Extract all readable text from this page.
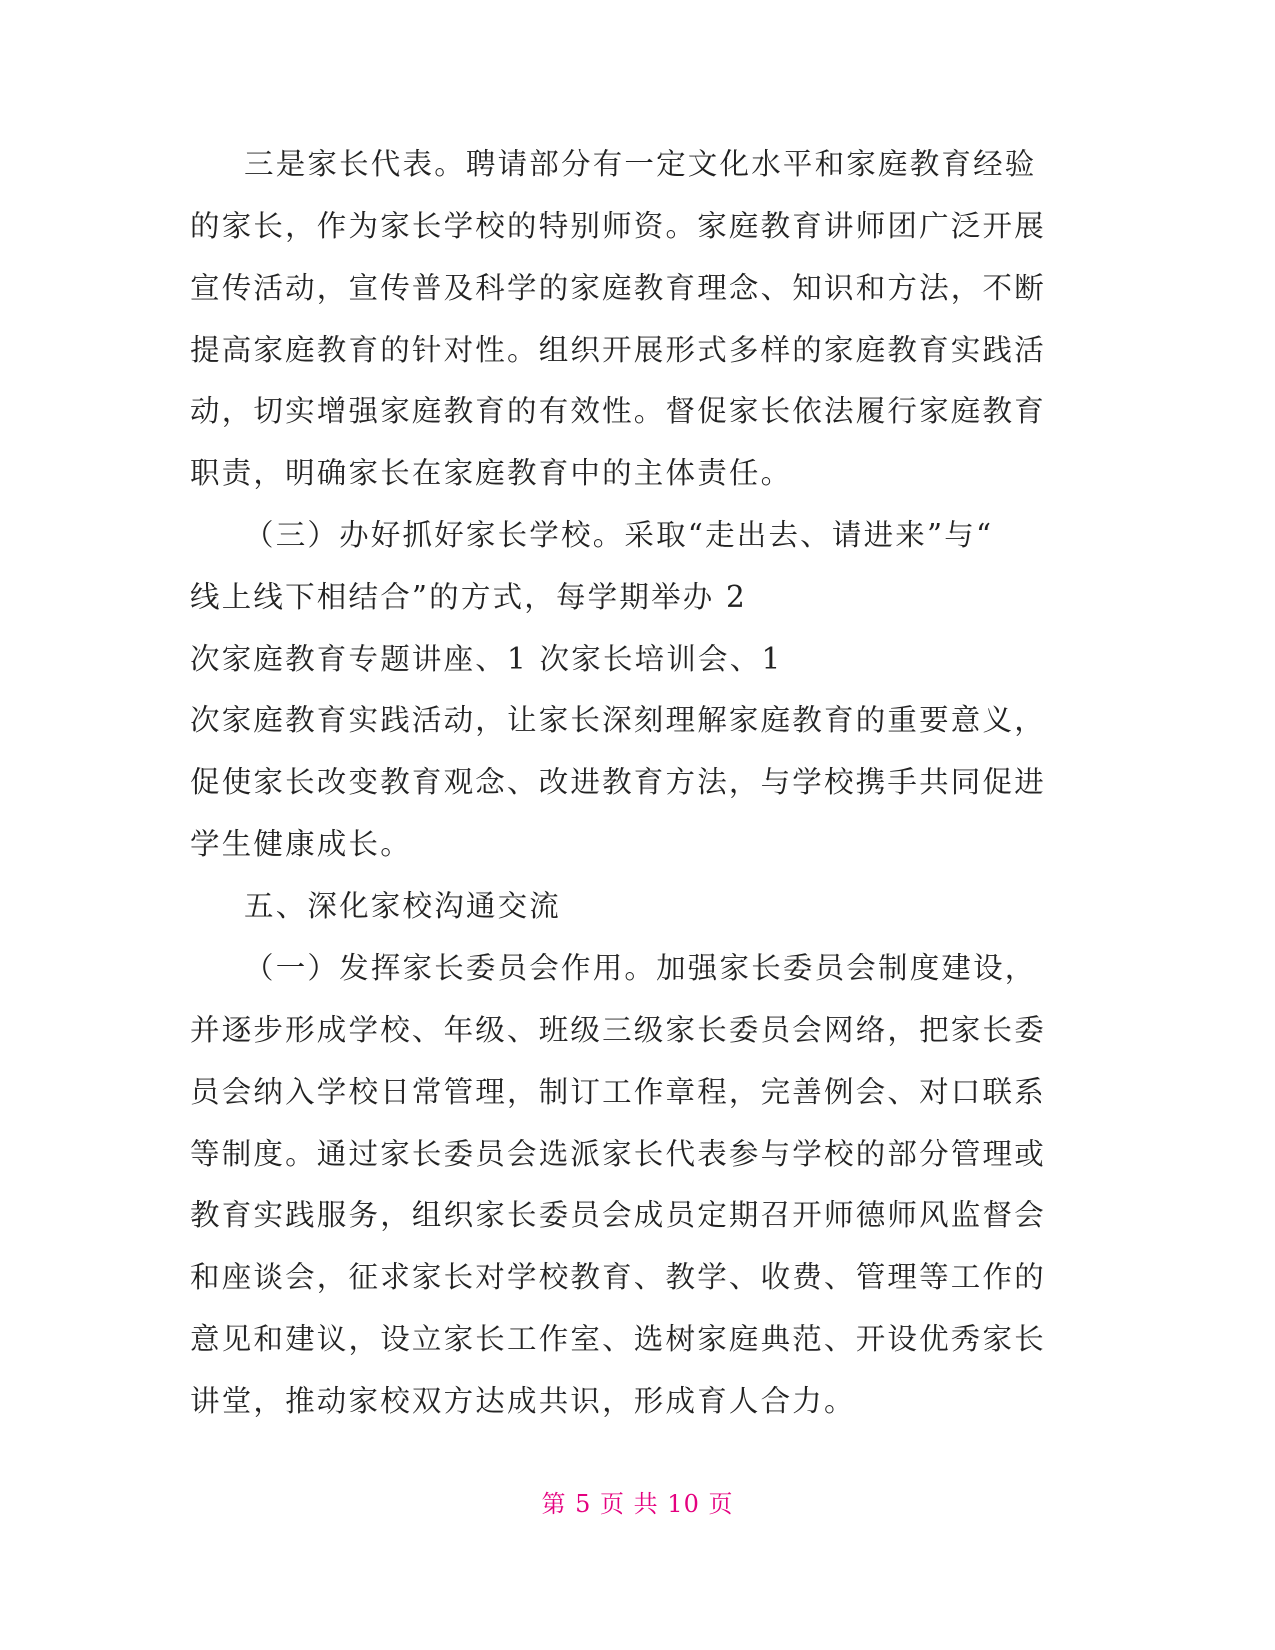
三是家长代表。聘请部分有一定文化水平和家庭教育经验
的家长，作为家长学校的特别师资。家庭教育讲师团广泛开展
宣传活动，宣传普及科学的家庭教育理念、知识和方法，不断
提高家庭教育的针对性。组织开展形式多样的家庭教育实践活
动，切实增强家庭教育的有效性。督促家长依法履行家庭教育
职责，明确家长在家庭教育中的主体责任。
（三）办好抓好家长学校。采取“走出去、请进来”与“
线上线下相结合”的方式，每学期举办 2
次家庭教育专题讲座、1 次家长培训会、1
次家庭教育实践活动，让家长深刻理解家庭教育的重要意义，
促使家长改变教育观念、改进教育方法，与学校携手共同促进
学生健康成长。
五、深化家校沟通交流
（一）发挥家长委员会作用。加强家长委员会制度建设，
并逐步形成学校、年级、班级三级家长委员会网络，把家长委
员会纳入学校日常管理，制订工作章程，完善例会、对口联系
等制度。通过家长委员会选派家长代表参与学校的部分管理或
教育实践服务，组织家长委员会成员定期召开师德师风监督会
和座谈会，征求家长对学校教育、教学、收费、管理等工作的
意见和建议，设立家长工作室、选树家庭典范、开设优秀家长
讲堂，推动家校双方达成共识，形成育人合力。
第 5 页 共 10 页
